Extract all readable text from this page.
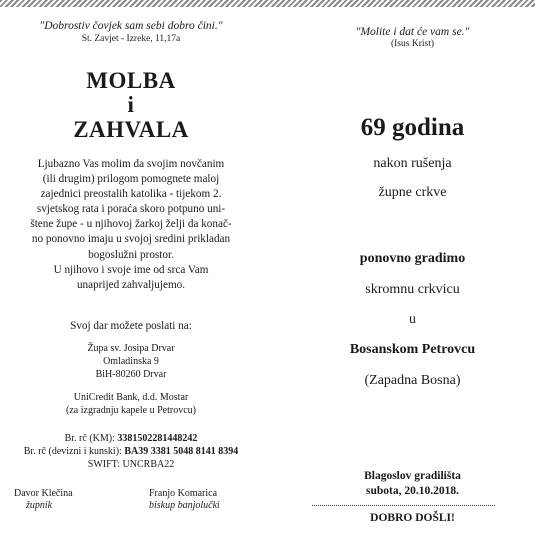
"Dobrostiv čovjek sam sebi dobro čini."
St. Zavjet - Izreke, 11,17a
MOLBA
i
ZAHVALA
Ljubazno Vas molim da svojim novčanim
(ili drugim) prilogom pomognete maloj
zajednici preostalih katolika - tijekom 2.
svjetskog rata i poraća skoro potpuno uni-
štene župe - u njihovoj žarkoj želji da konač-
no ponovno imaju u svojoj sredini prikladan
bogoslužni prostor.
U njihovo i svoje ime od srca Vam
unaprijed zahvaljujemo.
Svoj dar možete poslati na:
Župa sv. Josipa Drvar
Omladinska 9
BiH-80260 Drvar
UniCredit Bank, d.d. Mostar
(za izgradnju kapele u Petrovcu)
Br. rč (KM): 3381502281448242
Br. rč (devizni i kunski): BA39 3381 5048 8141 8394
SWIFT: UNCRBA22
Davor Klečina
župnik
Franjo Komarica
biskup banjolučki
"Molite i dat će vam se."
(Isus Krist)
69 godina
nakon rušenja
župne crkve
ponovno gradimo
skromnu crkvicu
u
Bosanskom Petrovcu
(Zapadna Bosna)
Blagoslov gradilišta
subota, 20.10.2018.
DOBRO DOŠLI!
